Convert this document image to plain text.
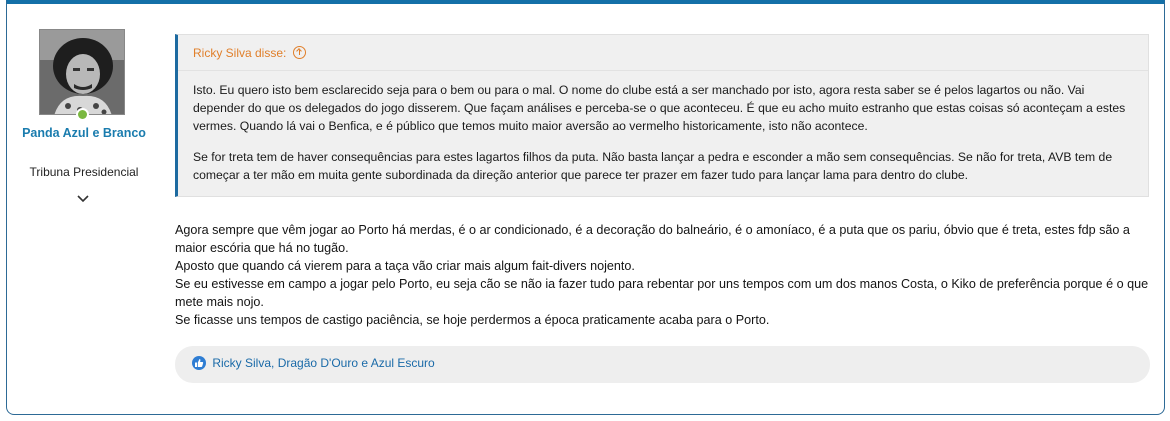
Panda Azul e Branco
Tribuna Presidencial
Ricky Silva disse:

Isto. Eu quero isto bem esclarecido seja para o bem ou para o mal. O nome do clube está a ser manchado por isto, agora resta saber se é pelos lagartos ou não. Vai depender do que os delegados do jogo disserem. Que façam análises e perceba-se o que aconteceu. É que eu acho muito estranho que estas coisas só aconteçam a estes vermes. Quando lá vai o Benfica, e é público que temos muito maior aversão ao vermelho historicamente, isto não acontece.

Se for treta tem de haver consequências para estes lagartos filhos da puta. Não basta lançar a pedra e esconder a mão sem consequências. Se não for treta, AVB tem de começar a ter mão em muita gente subordinada da direção anterior que parece ter prazer em fazer tudo para lançar lama para dentro do clube.

Agora sempre que vêm jogar ao Porto há merdas, é o ar condicionado, é a decoração do balneário, é o amoníaco, é a puta que os pariu, óbvio que é treta, estes fdp são a maior escória que há no tugão.
Aposto que quando cá vierem para a taça vão criar mais algum fait-divers nojento.
Se eu estivesse em campo a jogar pelo Porto, eu seja cão se não ia fazer tudo para rebentar por uns tempos com um dos manos Costa, o Kiko de preferência porque é o que mete mais nojo.
Se ficasse uns tempos de castigo paciência, se hoje perdermos a época praticamente acaba para o Porto.
Ricky Silva, Dragão D'Ouro e Azul Escuro
